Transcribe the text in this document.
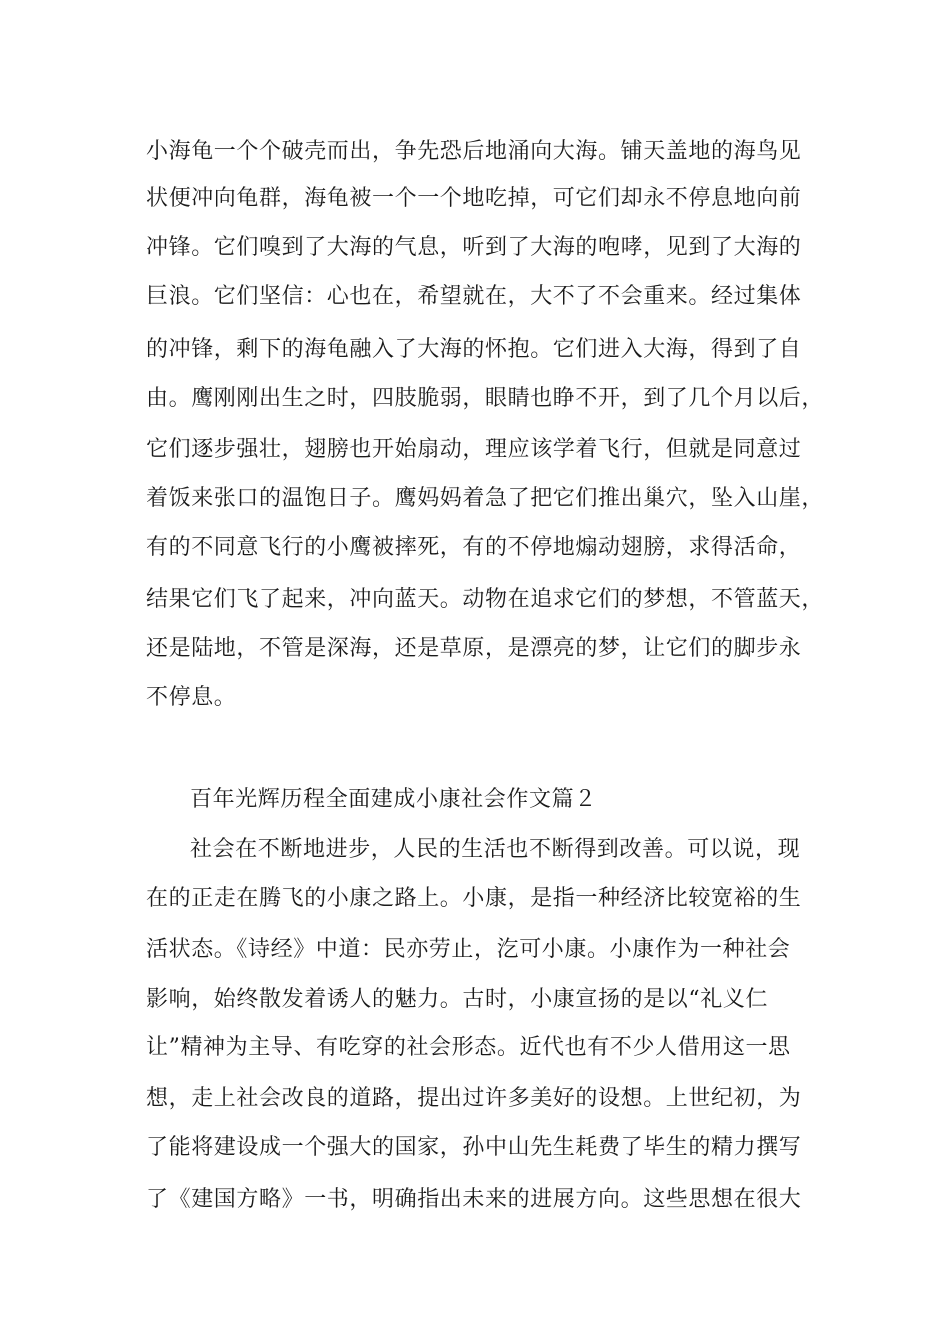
小海龟一个个破壳而出，争先恐后地涌向大海。铺天盖地的海鸟见
状便冲向龟群，海龟被一个一个地吃掉，可它们却永不停息地向前
冲锋。它们嗅到了大海的气息，听到了大海的咆哮，见到了大海的
巨浪。它们坚信：心也在，希望就在，大不了不会重来。经过集体
的冲锋，剩下的海龟融入了大海的怀抱。它们进入大海，得到了自
由。鹰刚刚出生之时，四肢脆弱，眼睛也睁不开，到了几个月以后，
它们逐步强壮，翅膀也开始扇动，理应该学着飞行，但就是同意过
着饭来张口的温饱日子。鹰妈妈着急了把它们推出巢穴，坠入山崖，
有的不同意飞行的小鹰被摔死，有的不停地煽动翅膀，求得活命，
结果它们飞了起来，冲向蓝天。动物在追求它们的梦想，不管蓝天，
还是陆地，不管是深海，还是草原，是漂亮的梦，让它们的脚步永
不停息。
百年光辉历程全面建成小康社会作文篇２
社会在不断地进步，人民的生活也不断得到改善。可以说，现
在的正走在腾飞的小康之路上。小康，是指一种经济比较宽裕的生
活状态。《诗经》中道：民亦劳止，汔可小康。小康作为一种社会
影响，始终散发着诱人的魅力。古时，小康宣扬的是以“礼义仁
让”精神为主导、有吃穿的社会形态。近代也有不少人借用这一思
想，走上社会改良的道路，提出过许多美好的设想。上世纪初，为
了能将建设成一个强大的国家，孙中山先生耗费了毕生的精力撰写
了《建国方略》一书，明确指出未来的进展方向。这些思想在很大
